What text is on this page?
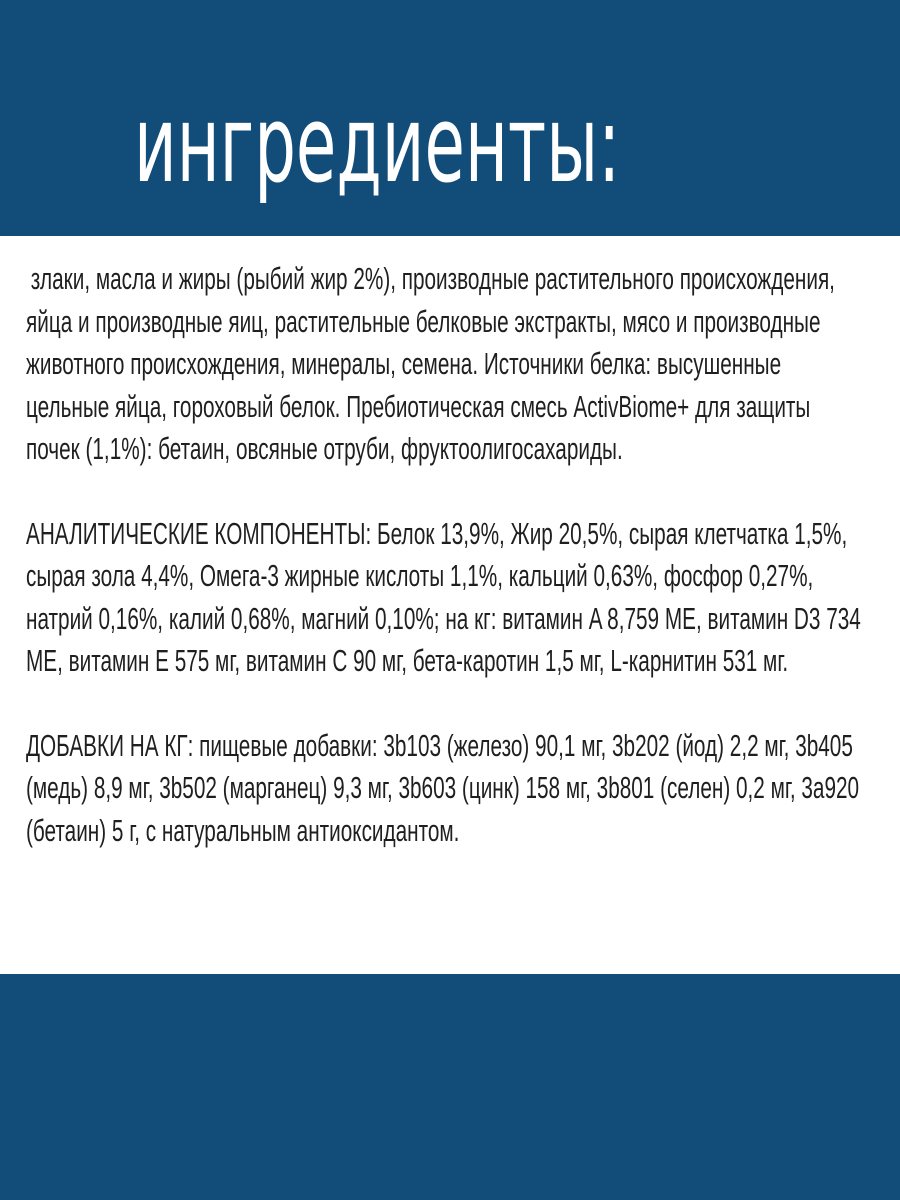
ингредиенты:

злаки, масла и жиры (рыбий жир 2%), производные растительного происхождения, яйца и производные яиц, растительные белковые экстракты, мясо и производные животного происхождения, минералы, семена. Источники белка: высушенные цельные яйца, гороховый белок. Пребиотическая смесь ActivBiome+ для защиты почек (1,1%): бетаин, овсяные отруби, фруктоолигосахариды.

АНАЛИТИЧЕСКИЕ КОМПОНЕНТЫ: Белок 13,9%, Жир 20,5%, сырая клетчатка 1,5%, сырая зола 4,4%, Омега-3 жирные кислоты 1,1%, кальций 0,63%, фосфор 0,27%, натрий 0,16%, калий 0,68%, магний 0,10%; на кг: витамин A 8,759 МЕ, витамин D3 734 МЕ, витамин E 575 мг, витамин C 90 мг, бета-каротин 1,5 мг, L-карнитин 531 мг.

ДОБАВКИ НА КГ: пищевые добавки: 3b103 (железо) 90,1 мг, 3b202 (йод) 2,2 мг, 3b405 (медь) 8,9 мг, 3b502 (марганец) 9,3 мг, 3b603 (цинк) 158 мг, 3b801 (селен) 0,2 мг, 3a920 (бетаин) 5 г, с натуральным антиоксидантом.
